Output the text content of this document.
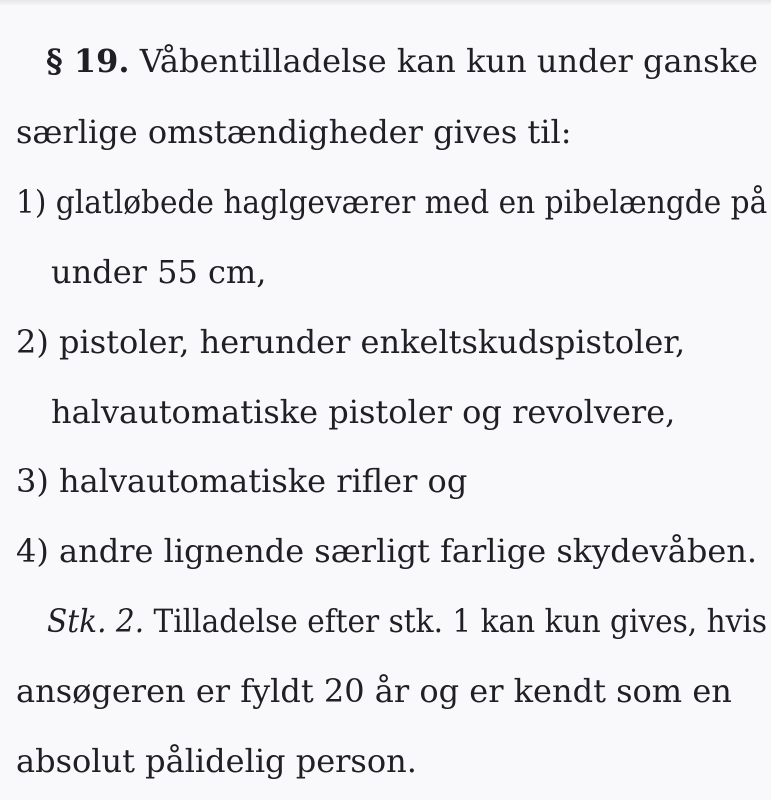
§ 19. Våbentilladelse kan kun under ganske
særlige omstændigheder gives til:
1) glatløbede haglgeværer med en pibelængde på
under 55 cm,
2) pistoler, herunder enkeltskudspistoler,
halvautomatiske pistoler og revolvere,
3) halvautomatiske rifler og
4) andre lignende særligt farlige skydevåben.
Stk. 2. Tilladelse efter stk. 1 kan kun gives, hvis
ansøgeren er fyldt 20 år og er kendt som en
absolut pålidelig person.
